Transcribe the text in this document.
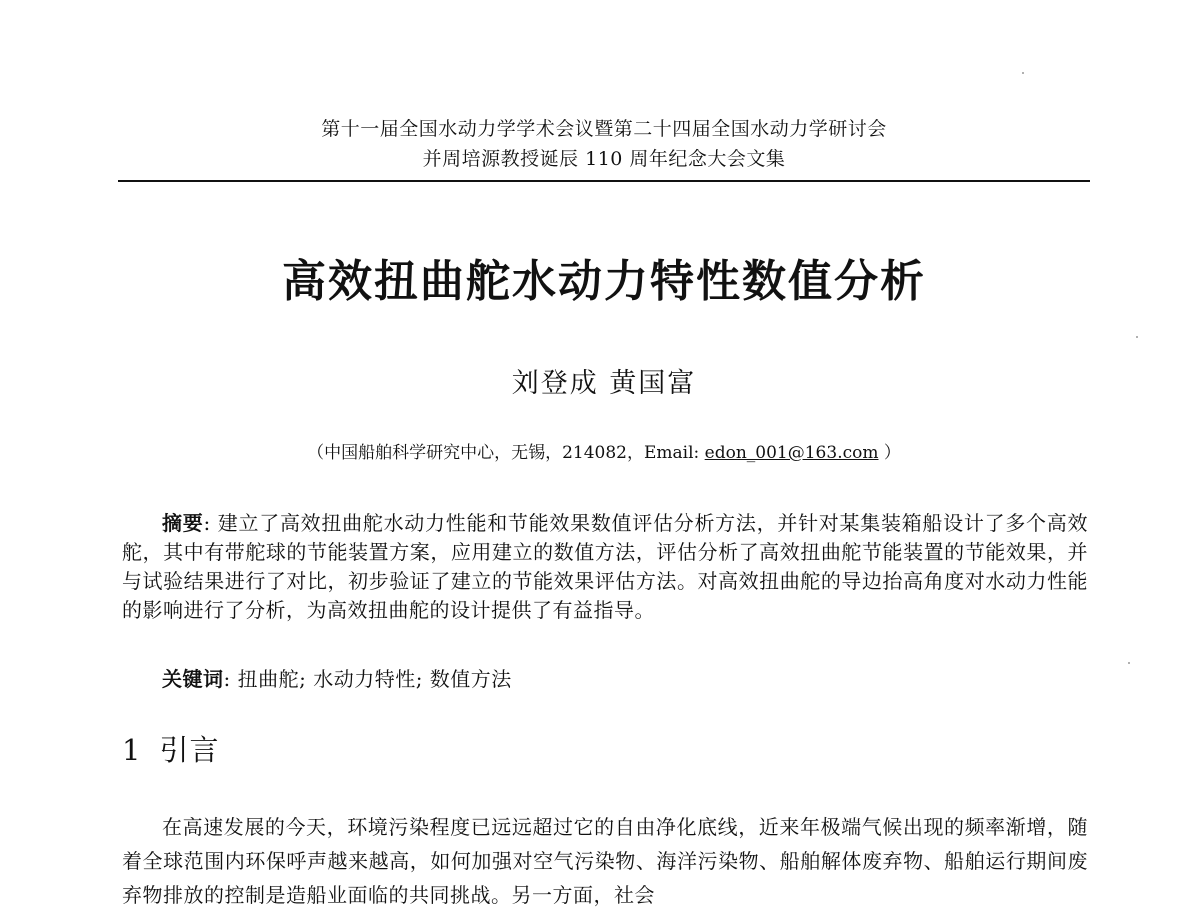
第十一届全国水动力学学术会议暨第二十四届全国水动力学研讨会
并周培源教授诞辰 110 周年纪念大会文集
高效扭曲舵水动力特性数值分析
刘登成 黄国富
（中国船舶科学研究中心，无锡，214082，Email: edon_001@163.com ）

摘要: 建立了高效扭曲舵水动力性能和节能效果数值评估分析方法，并针对某集装箱船设计了多个高效舵，其中有带舵球的节能装置方案，应用建立的数值方法，评估分析了高效扭曲舵节能装置的节能效果，并与试验结果进行了对比，初步验证了建立的节能效果评估方法。对高效扭曲舵的导边抬高角度对水动力性能的影响进行了分析，为高效扭曲舵的设计提供了有益指导。

关键词: 扭曲舵; 水动力特性; 数值方法
1 引言

在高速发展的今天，环境污染程度已远远超过它的自由净化底线，近来年极端气候出现的频率渐增，随着全球范围内环保呼声越来越高，如何加强对空气污染物、海洋污染物、船舶解体废弃物、船舶运行期间废弃物排放的控制是造船业面临的共同挑战。另一方面，社会
